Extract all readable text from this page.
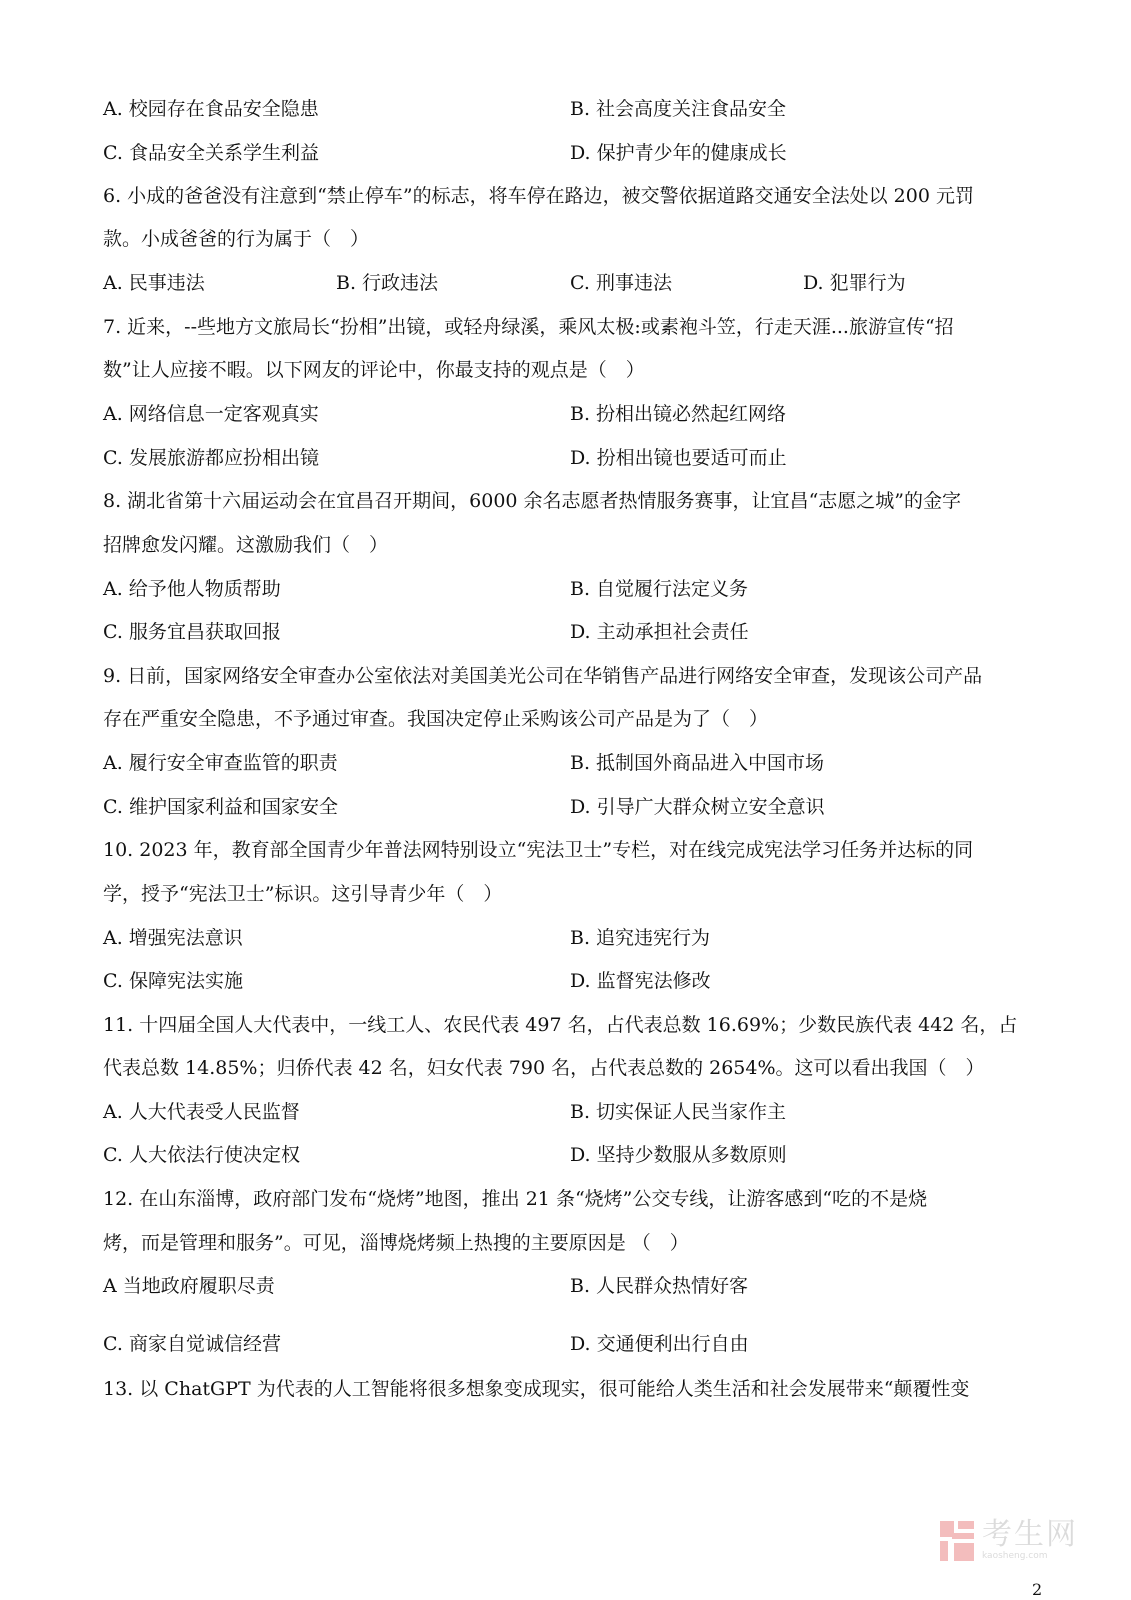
A. 校园存在食品安全隐患	B. 社会高度关注食品安全
C. 食品安全关系学生利益	D. 保护青少年的健康成长
6. 小成的爸爸没有注意到“禁止停车”的标志，将车停在路边，被交警依据道路交通安全法处以 200 元罚
款。小成爸爸的行为属于（　）
A. 民事违法	B. 行政违法	C. 刑事违法	D. 犯罪行为
7. 近来，--些地方文旅局长“扮相”出镜，或轻舟绿溪，乘风太极:或素袍斗笠，行走天涯...旅游宣传“招
数”让人应接不暇。以下网友的评论中，你最支持的观点是（　）
A. 网络信息一定客观真实	B. 扮相出镜必然起红网络
C. 发展旅游都应扮相出镜	D. 扮相出镜也要适可而止
8. 湖北省第十六届运动会在宜昌召开期间，6000 余名志愿者热情服务赛事，让宜昌“志愿之城”的金字
招牌愈发闪耀。这激励我们（　）
A. 给予他人物质帮助	B. 自觉履行法定义务
C. 服务宜昌获取回报	D. 主动承担社会责任
9. 日前，国家网络安全审查办公室依法对美国美光公司在华销售产品进行网络安全审查，发现该公司产品
存在严重安全隐患，不予通过审查。我国决定停止采购该公司产品是为了（　）
A. 履行安全审查监管的职责	B. 抵制国外商品进入中国市场
C. 维护国家利益和国家安全	D. 引导广大群众树立安全意识
10. 2023 年，教育部全国青少年普法网特别设立“宪法卫士”专栏，对在线完成宪法学习任务并达标的同
学，授予“宪法卫士”标识。这引导青少年（　）
A. 增强宪法意识	B. 追究违宪行为
C. 保障宪法实施	D. 监督宪法修改
11. 十四届全国人大代表中，一线工人、农民代表 497 名，占代表总数 16.69%；少数民族代表 442 名，占
代表总数 14.85%；归侨代表 42 名，妇女代表 790 名，占代表总数的 2654%。这可以看出我国（　）
A. 人大代表受人民监督	B. 切实保证人民当家作主
C. 人大依法行使决定权	D. 坚持少数服从多数原则
12. 在山东淄博，政府部门发布“烧烤”地图，推出 21 条“烧烤”公交专线，让游客感到“吃的不是烧
烤，而是管理和服务”。可见，淄博烧烤频上热搜的主要原因是 （　）
A 当地政府履职尽责	B. 人民群众热情好客
C. 商家自觉诚信经营	D. 交通便利出行自由
13. 以 ChatGPT 为代表的人工智能将很多想象变成现实，很可能给人类生活和社会发展带来“颠覆性变
考生网
kaosheng.com
2
